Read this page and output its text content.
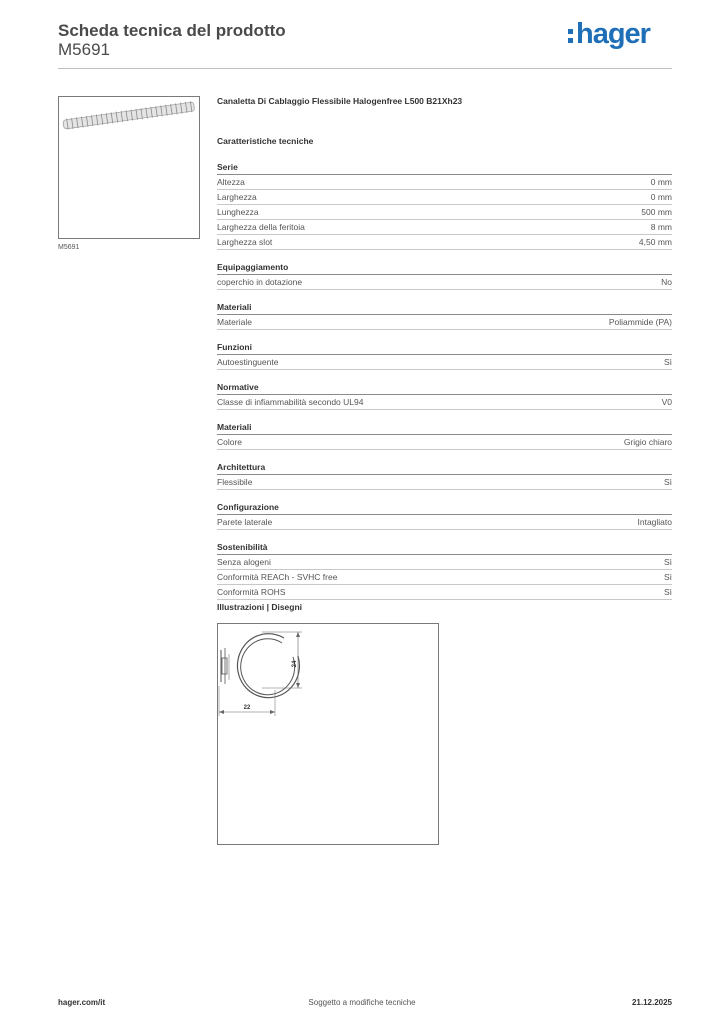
Scheda tecnica del prodotto
M5691	hager
M5691
Canaletta Di Cablaggio Flessibile Halogenfree L500 B21Xh23
Caratteristiche tecniche
Serie
Altezza	0 mm
Larghezza	0 mm
Lunghezza	500 mm
Larghezza della feritoia	8 mm
Larghezza slot	4,50 mm
Equipaggiamento
coperchio in dotazione	No
Materiali
Materiale	Poliammide (PA)
Funzioni
Autoestinguente	Sì
Normative
Classe di infiammabilità secondo UL94	V0
Materiali
Colore	Grigio chiaro
Architettura
Flessibile	Sì
Configurazione
Parete laterale	Intagliato
Sostenibilità
Senza alogeni	Sì
Conformità REACh - SVHC free	Sì
Conformità ROHS	Sì
Illustrazioni | Disegni
24
22
Soggetto a modifiche tecniche
hager.com/it	21.12.2025
